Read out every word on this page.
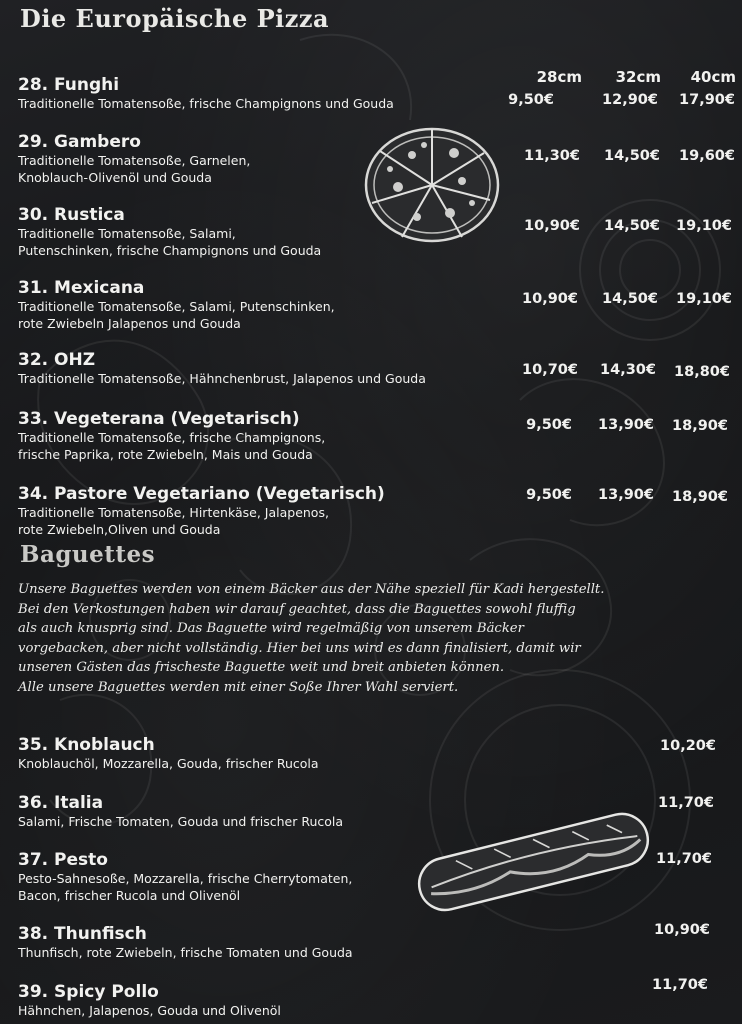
Die Europäische Pizza
28cm	32cm	40cm
28. Funghi
Traditionelle Tomatensoße, frische Champignons und Gouda	9,50€	12,90€	17,90€
29. Gambero
Traditionelle Tomatensoße, Garnelen,
Knoblauch-Olivenöl und Gouda
11,30€	14,50€	19,60€
30. Rustica
Traditionelle Tomatensoße, Salami,
Putenschinken, frische Champignons und Gouda
10,90€	14,50€	19,10€
31. Mexicana
Traditionelle Tomatensoße, Salami, Putenschinken,
rote Zwiebeln Jalapenos und Gouda
10,90€	14,50€	19,10€
32. OHZ
Traditionelle Tomatensoße, Hähnchenbrust, Jalapenos und Gouda
10,70€	14,30€	18,80€
33. Vegeterana (Vegetarisch)
Traditionelle Tomatensoße, frische Champignons,
frische Paprika, rote Zwiebeln, Mais und Gouda
9,50€	13,90€	18,90€
34. Pastore Vegetariano (Vegetarisch)
Traditionelle Tomatensoße, Hirtenkäse, Jalapenos,
rote Zwiebeln,Oliven und Gouda
9,50€	13,90€	18,90€
Baguettes
Unsere Baguettes werden von einem Bäcker aus der Nähe speziell für Kadi hergestellt.
Bei den Verkostungen haben wir darauf geachtet, dass die Baguettes sowohl fluffig
als auch knusprig sind. Das Baguette wird regelmäßig von unserem Bäcker
vorgebacken, aber nicht vollständig. Hier bei uns wird es dann finalisiert, damit wir
unseren Gästen das frischeste Baguette weit und breit anbieten können.
Alle unsere Baguettes werden mit einer Soße Ihrer Wahl serviert.
35. Knoblauch
Knoblauchöl, Mozzarella, Gouda, frischer Rucola
10,20€
36. Italia
Salami, Frische Tomaten, Gouda und frischer Rucola
11,70€
37. Pesto
Pesto-Sahnesoße, Mozzarella, frische Cherrytomaten,
Bacon, frischer Rucola und Olivenöl
11,70€
38. Thunfisch
Thunfisch, rote Zwiebeln, frische Tomaten und Gouda
10,90€
39. Spicy Pollo
Hähnchen, Jalapenos, Gouda und Olivenöl
11,70€
